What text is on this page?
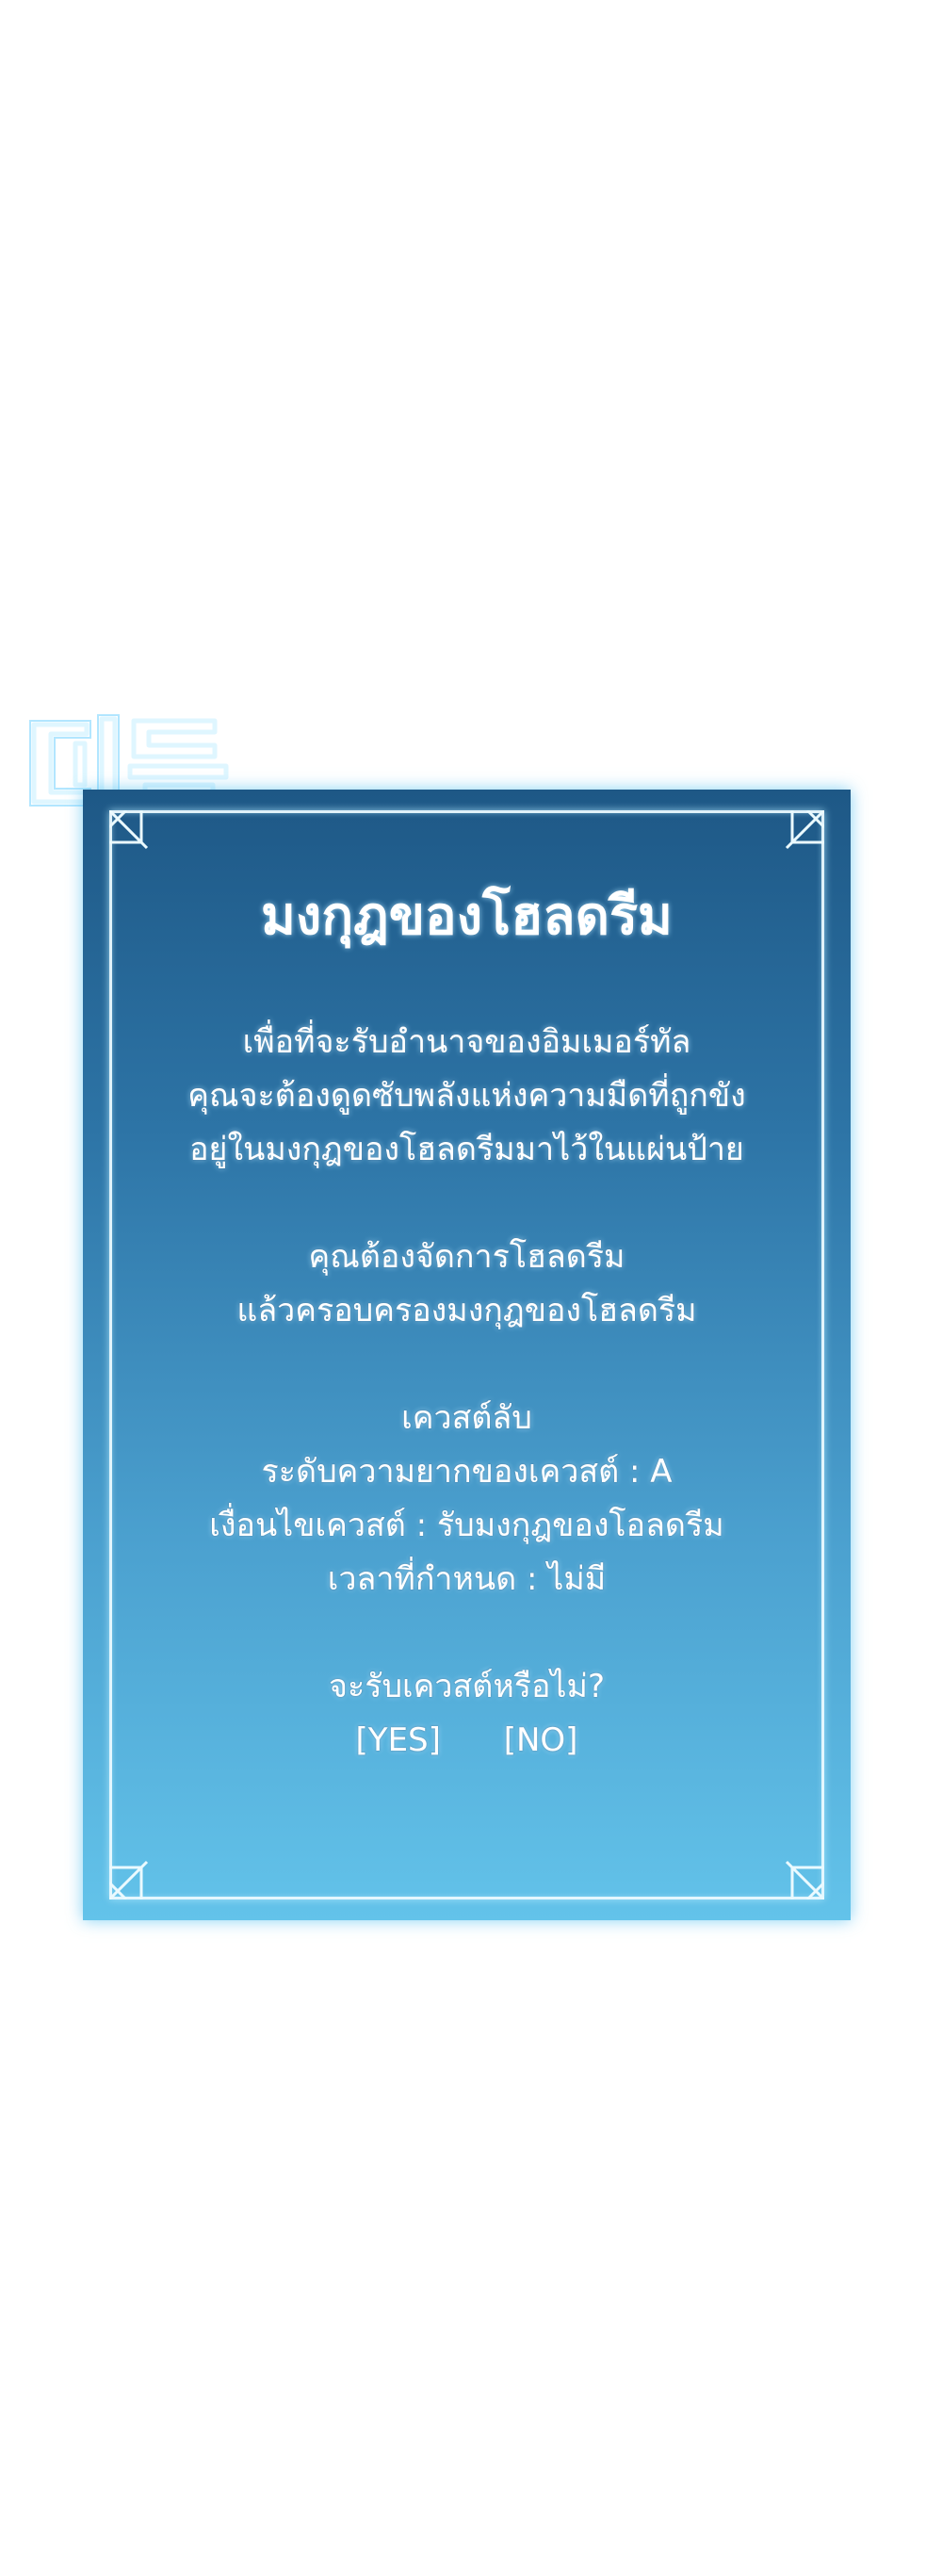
มงกุฎของโฮลดรีม
เพื่อที่จะรับอำนาจของอิมเมอร์ทัล
คุณจะต้องดูดซับพลังแห่งความมืดที่ถูกขัง
อยู่ในมงกุฎของโฮลดรีมมาไว้ในแผ่นป้าย
คุณต้องจัดการโฮลดรีม
แล้วครอบครองมงกุฎของโฮลดรีม
เควสต์ลับ
ระดับความยากของเควสต์ : A
เงื่อนไขเควสต์ : รับมงกุฎของโอลดรีม
เวลาที่กำหนด : ไม่มี
จะรับเควสต์หรือไม่?
[YES] [NO]
